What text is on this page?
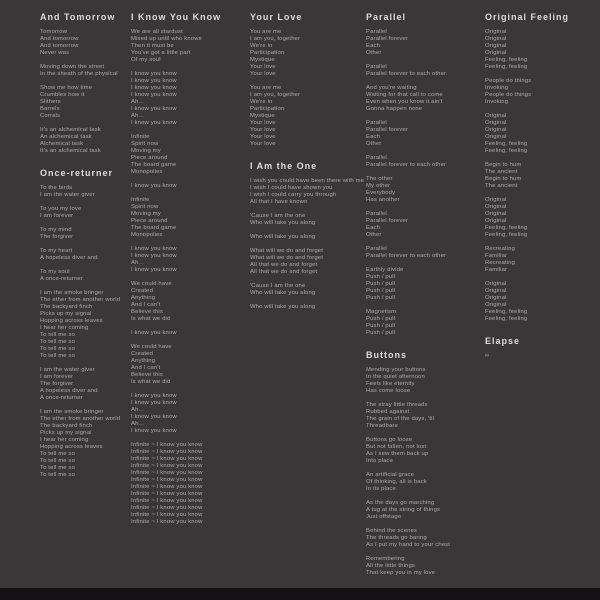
And Tomorrow
Tomorrow
And tomorrow
And tomorrow
Never was
Moving down the street
In the sheath of the physical
Show me how time
Crumbles how it
Slithers
Barrels
Corrals
It's an alchemical task
An alchemical task
Alchemical task
It's an alchemical task
Once-returner
To the birds
I am the water giver
To you my love
I am forever
To my mind
The forgiver
To my heart
A hopeless diver and
To my soul
A once-returner
I am the smoke bringer
The ether from another world
The backyard finch
Picks up my signal
Hopping across leaves
I hear her coming
To tell me so
To tell me so
To tell me so
To tell me so
I am the water giver
I am forever
The forgiver
A hopeless diver and
A once-returner
I am the smoke bringer
The ether from another world
The backyard finch
Picks up my signal
I hear her coming
Hopping across leaves
To tell me so
To tell me so
To tell me so
To tell me so
I Know You Know
We are all stardust
Mixed up until who knows
Then it must be
You've got a little part
Of my soul
I know you know
I know you know
I know you know
I know you know
Ah...
I know you know
Ah...
I know you know
Infinite
Spirit now
Moving my
Piece around
The board game
Monopolies
I know you know
Infinite
Spirit now
Moving my
Piece around
The board game
Monopolies
I know you know
I know you know
Ah...
I know you know
We could have
Created
Anything
And I can't
Believe this
Is what we did
I know you know
We could have
Created
Anything
And I can't
Believe this
Is what we did
I know you know
I know you know
Ah...
I know you know
Ah...
I know you know
Infinite ~ I know you know
Infinite ~ I know you know
Infinite ~ I know you know
Infinite ~ I know you know
Infinite ~ I know you know
Infinite ~ I know you know
Infinite ~ I know you know
Infinite ~ I know you know
Infinite ~ I know you know
Infinite ~ I know you know
Infinite ~ I know you know
Infinite ~ I know you know
Your Love
You are me
I am you, together
We're in
Participation
Mystique
Your love
Your love
You are me
I am you, together
We're in
Participation
Mystique
Your love
Your love
Your love
Your love
I Am the One
I wish you could have been there with me
I wish I could have shown you
I wish I could carry you through
All that I have known
'Cause I am the one
Who will take you along
Who will take you along
What will we do and forget
What will we do and forget
All that we do and forget
All that we do and forget
'Cause I am the one
Who will take you along
Who will take you along
Parallel
Parallel
Parallel forever
Each
Other
Parallel
Parallel forever to each other
And you're waiting
Waiting for that call to come
Even when you know it ain't
Gonna happen none
Parallel
Parallel forever
Each
Other
Parallel
Parallel forever to each other
The other
My other
Everybody
Has another
Parallel
Parallel forever
Each
Other
Parallel
Parallel forever to each other
Earthly divide
Push / pull
Push / pull
Push / pull
Push / pull
Magnetism
Push / pull
Push / pull
Push / pull
Buttons
Mending your buttons
In the quiet afternoon
Feels like eternity
Has come loose
The stray little threads
Rubbed against
The grain of the days, 'til
Threadbare
Buttons go loose
But not fallen, not lost
As I sew them back up
Into place
An artificial grace
Of thinking, all is back
In its place
As the days go marching
A tug at the string of things
Just offstage
Behind the scenes
The threads go baring
As I put my hand to your chest
Remembering
All the little things
That keep you in my love
Original Feeling
Original
Original
Original
Original
Feeling, feeling
Feeling, feeling
People do things
Invoking
People do things
Invoking
Original
Original
Original
Original
Feeling, feeling
Feeling, feeling
Begin to hum
The ancient
Begin to hum
The ancient
Original
Original
Original
Original
Feeling, feeling
Feeling, feeling
Recreating
Familiar
Recreating
Familiar
Original
Original
Original
Original
Feeling, feeling
Feeling, feeling
Elapse
∞
